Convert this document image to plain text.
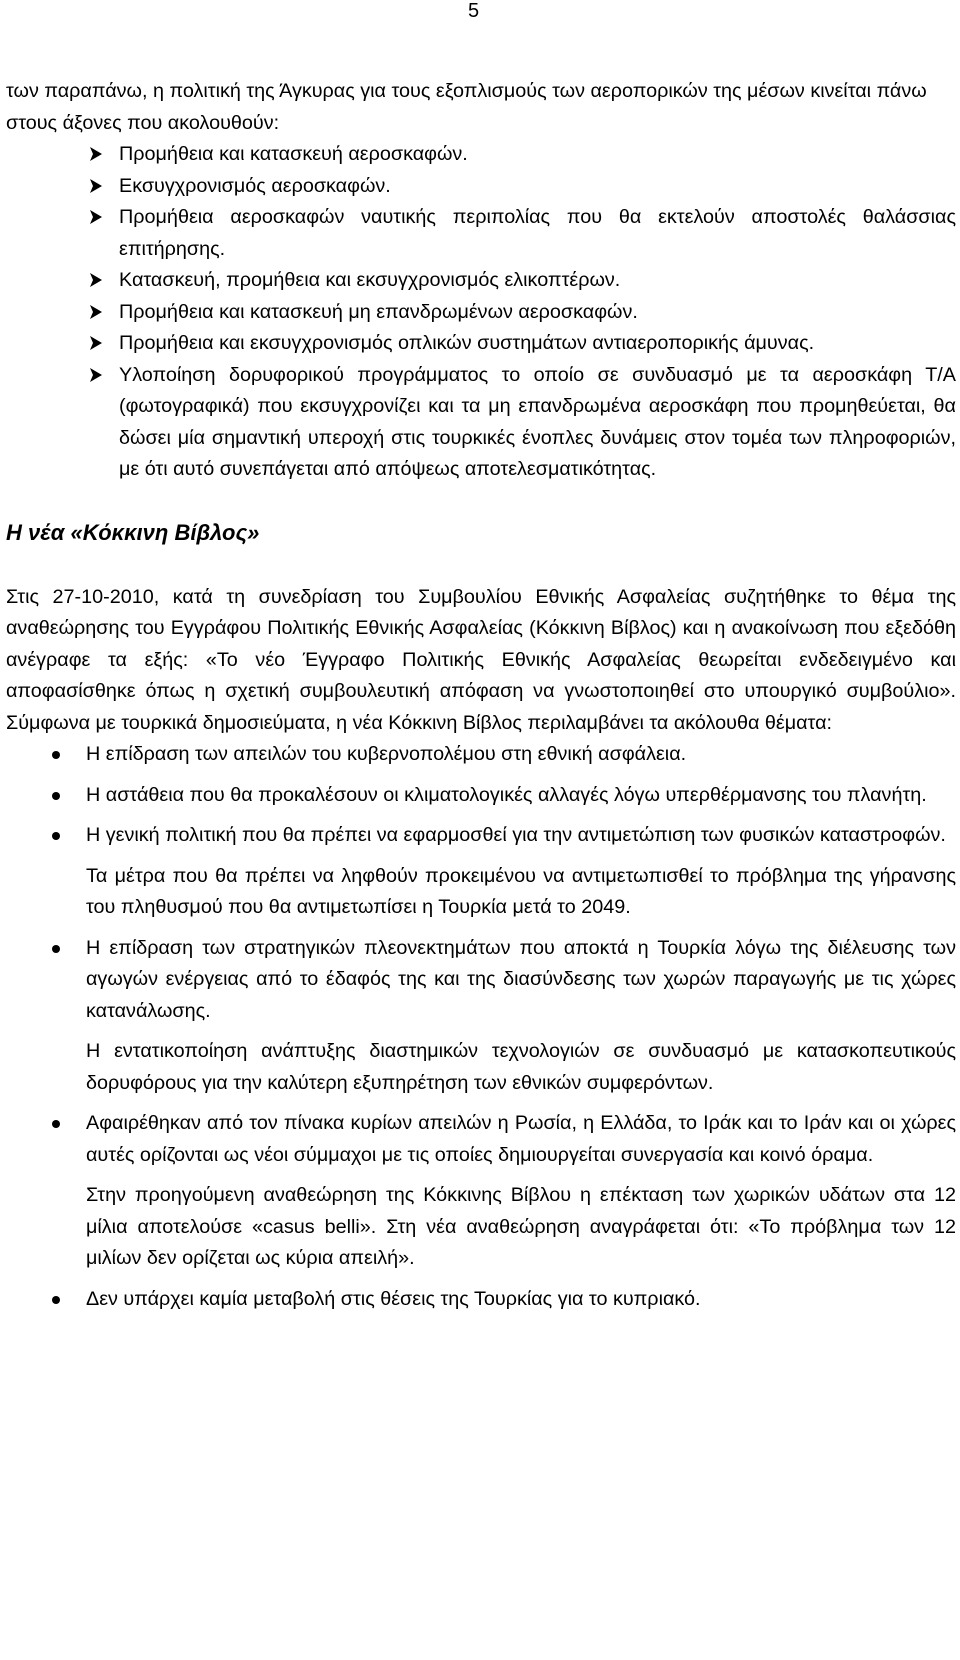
5

των παραπάνω, η πολιτική της Άγκυρας για τους εξοπλισμούς των αεροπορικών της μέσων κινείται πάνω στους άξονες που ακολουθούν:

Προμήθεια και κατασκευή αεροσκαφών.
Εκσυγχρονισμός αεροσκαφών.
Προμήθεια αεροσκαφών ναυτικής περιπολίας που θα εκτελούν αποστολές θαλάσσιας επιτήρησης.
Κατασκευή, προμήθεια και εκσυγχρονισμός ελικοπτέρων.
Προμήθεια και κατασκευή μη επανδρωμένων αεροσκαφών.
Προμήθεια και εκσυγχρονισμός οπλικών συστημάτων αντιαεροπορικής άμυνας.
Υλοποίηση δορυφορικού προγράμματος το οποίο σε συνδυασμό με τα αεροσκάφη Τ/Α (φωτογραφικά) που εκσυγχρονίζει και τα μη επανδρωμένα αεροσκάφη που προμηθεύεται, θα δώσει μία σημαντική υπεροχή στις τουρκικές ένοπλες δυνάμεις στον τομέα των πληροφοριών, με ότι αυτό συνεπάγεται από απόψεως αποτελεσματικότητας.
Η νέα «Κόκκινη Βίβλος»

Στις 27-10-2010, κατά τη συνεδρίαση του Συμβουλίου Εθνικής Ασφαλείας συζητήθηκε το θέμα της αναθεώρησης του Εγγράφου Πολιτικής Εθνικής Ασφαλείας (Κόκκινη Βίβλος) και η ανακοίνωση που εξεδόθη ανέγραφε τα εξής: «Το νέο Έγγραφο Πολιτικής Εθνικής Ασφαλείας θεωρείται ενδεδειγμένο και αποφασίσθηκε όπως η σχετική συμβουλευτική απόφαση να γνωστοποιηθεί στο υπουργικό συμβούλιο». Σύμφωνα με τουρκικά δημοσιεύματα, η νέα Κόκκινη Βίβλος περιλαμβάνει τα ακόλουθα θέματα:

Η επίδραση των απειλών του κυβερνοπολέμου στη εθνική ασφάλεια.
Η αστάθεια που θα προκαλέσουν οι κλιματολογικές αλλαγές λόγω υπερθέρμανσης του πλανήτη.
Η γενική πολιτική που θα πρέπει να εφαρμοσθεί για την αντιμετώπιση των φυσικών καταστροφών.
Τα μέτρα που θα πρέπει να ληφθούν προκειμένου να αντιμετωπισθεί το πρόβλημα της γήρανσης του πληθυσμού που θα αντιμετωπίσει η Τουρκία μετά το 2049.
Η επίδραση των στρατηγικών πλεονεκτημάτων που αποκτά η Τουρκία λόγω της διέλευσης των αγωγών ενέργειας από το έδαφός της και της διασύνδεσης των χωρών παραγωγής με τις χώρες κατανάλωσης.
Η εντατικοποίηση ανάπτυξης διαστημικών τεχνολογιών σε συνδυασμό με κατασκοπευτικούς δορυφόρους για την καλύτερη εξυπηρέτηση των εθνικών συμφερόντων.
Αφαιρέθηκαν από τον πίνακα κυρίων απειλών η Ρωσία, η Ελλάδα, το Ιράκ και το Ιράν και οι χώρες αυτές ορίζονται ως νέοι σύμμαχοι με τις οποίες δημιουργείται συνεργασία και κοινό όραμα.
Στην προηγούμενη αναθεώρηση της Κόκκινης Βίβλου η επέκταση των χωρικών υδάτων στα 12 μίλια αποτελούσε «casus belli». Στη νέα αναθεώρηση αναγράφεται ότι: «Το πρόβλημα των 12 μιλίων δεν ορίζεται ως κύρια απειλή».
Δεν υπάρχει καμία μεταβολή στις θέσεις της Τουρκίας για το κυπριακό.
